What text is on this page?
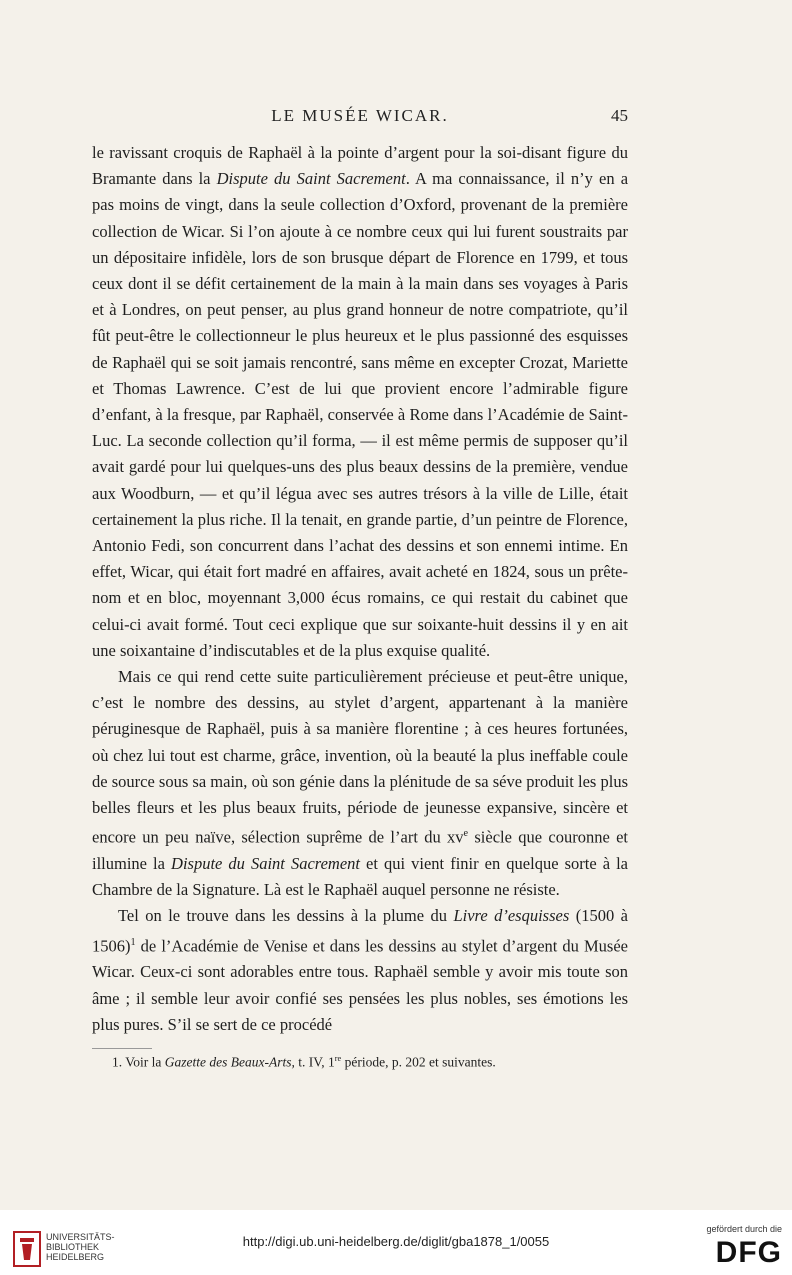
LE MUSÉE WICAR.	45

le ravissant croquis de Raphaël à la pointe d’argent pour la soi-disant figure du Bramante dans la Dispute du Saint Sacrement. A ma connaissance, il n’y en a pas moins de vingt, dans la seule collection d’Oxford, provenant de la première collection de Wicar. Si l’on ajoute à ce nombre ceux qui lui furent soustraits par un dépositaire infidèle, lors de son brusque départ de Florence en 1799, et tous ceux dont il se défit certainement de la main à la main dans ses voyages à Paris et à Londres, on peut penser, au plus grand honneur de notre compatriote, qu’il fût peut-être le collectionneur le plus heureux et le plus passionné des esquisses de Raphaël qui se soit jamais rencontré, sans même en excepter Crozat, Mariette et Thomas Lawrence. C’est de lui que provient encore l’admirable figure d’enfant, à la fresque, par Raphaël, conservée à Rome dans l’Académie de Saint-Luc. La seconde collection qu’il forma, — il est même permis de supposer qu’il avait gardé pour lui quelques-uns des plus beaux dessins de la première, vendue aux Woodburn, — et qu’il légua avec ses autres trésors à la ville de Lille, était certainement la plus riche. Il la tenait, en grande partie, d’un peintre de Florence, Antonio Fedi, son concurrent dans l’achat des dessins et son ennemi intime. En effet, Wicar, qui était fort madré en affaires, avait acheté en 1824, sous un prête-nom et en bloc, moyennant 3,000 écus romains, ce qui restait du cabinet que celui-ci avait formé. Tout ceci explique que sur soixante-huit dessins il y en ait une soixantaine d’indiscutables et de la plus exquise qualité.

Mais ce qui rend cette suite particulièrement précieuse et peut-être unique, c’est le nombre des dessins, au stylet d’argent, appartenant à la manière péruginesque de Raphaël, puis à sa manière florentine ; à ces heures fortunées, où chez lui tout est charme, grâce, invention, où la beauté la plus ineffable coule de source sous sa main, où son génie dans la plénitude de sa séve produit les plus belles fleurs et les plus beaux fruits, période de jeunesse expansive, sincère et encore un peu naïve, sélection suprême de l’art du $xv^e$ siècle que couronne et illumine la Dispute du Saint Sacrement et qui vient finir en quelque sorte à la Chambre de la Signature. Là est le Raphaël auquel personne ne résiste.

Tel on le trouve dans les dessins à la plume du Livre d’esquisses (1500 à 1506)$^1$ de l’Académie de Venise et dans les dessins au stylet d’argent du Musée Wicar. Ceux-ci sont adorables entre tous. Raphaël semble y avoir mis toute son âme ; il semble leur avoir confié ses pensées les plus nobles, ses émotions les plus pures. S’il se sert de ce procédé

1. Voir la Gazette des Beaux-Arts, t. IV, 1re période, p. 202 et suivantes.
UNIVERSITÄTS-
BIBLIOTHEK
HEIDELBERG
http://digi.ub.uni-heidelberg.de/diglit/gba1878_1/0055
gefördert durch die
DFG
